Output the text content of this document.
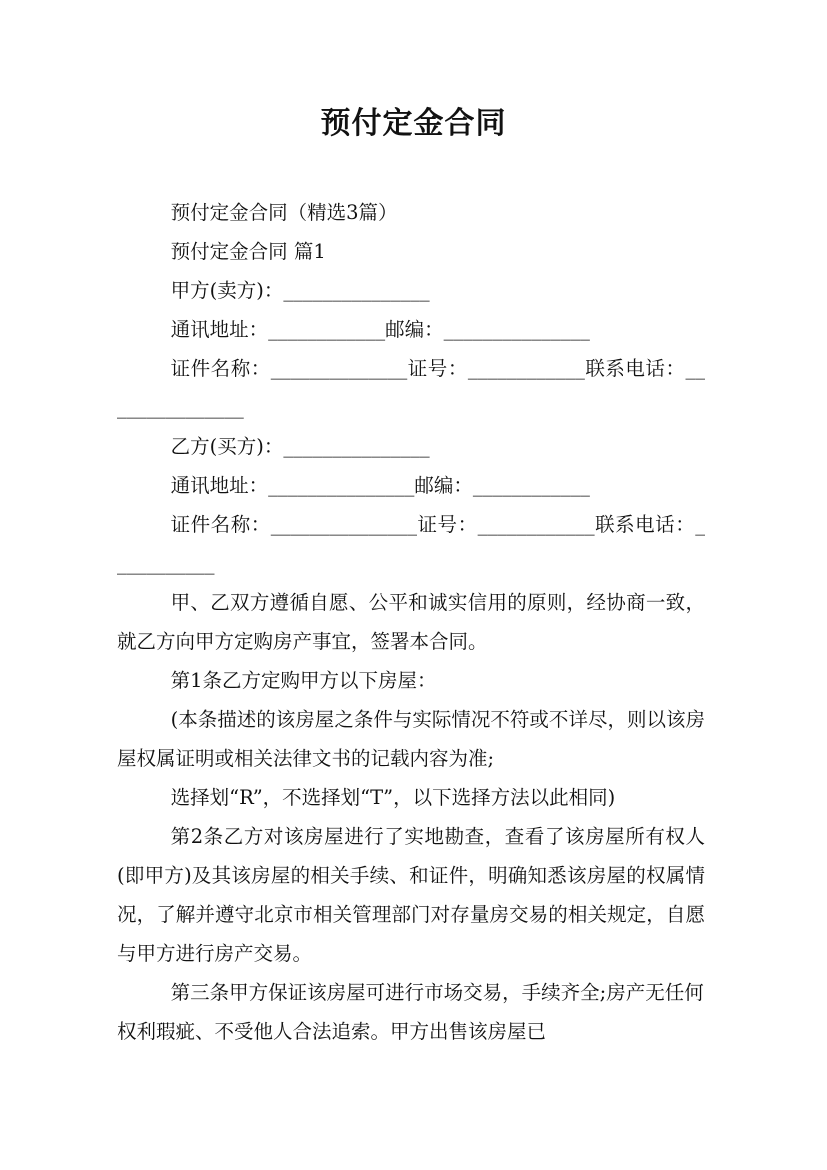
预付定金合同

预付定金合同（精选3篇）

预付定金合同 篇1

甲方(卖方)：_______________

通讯地址：____________邮编：_______________

证件名称：______________证号：____________联系电话：_______________

乙方(买方)：_______________

通讯地址：_______________邮编：____________

证件名称：_______________证号：____________联系电话：___________

甲、乙双方遵循自愿、公平和诚实信用的原则，经协商一致，就乙方向甲方定购房产事宜，签署本合同。

第1条乙方定购甲方以下房屋：

(本条描述的该房屋之条件与实际情况不符或不详尽，则以该房屋权属证明或相关法律文书的记载内容为准;

选择划“R”，不选择划“T”，以下选择方法以此相同)

第2条乙方对该房屋进行了实地勘查，查看了该房屋所有权人(即甲方)及其该房屋的相关手续、和证件，明确知悉该房屋的权属情况，了解并遵守北京市相关管理部门对存量房交易的相关规定，自愿与甲方进行房产交易。

第三条甲方保证该房屋可进行市场交易，手续齐全;房产无任何权利瑕疵、不受他人合法追索。甲方出售该房屋已
